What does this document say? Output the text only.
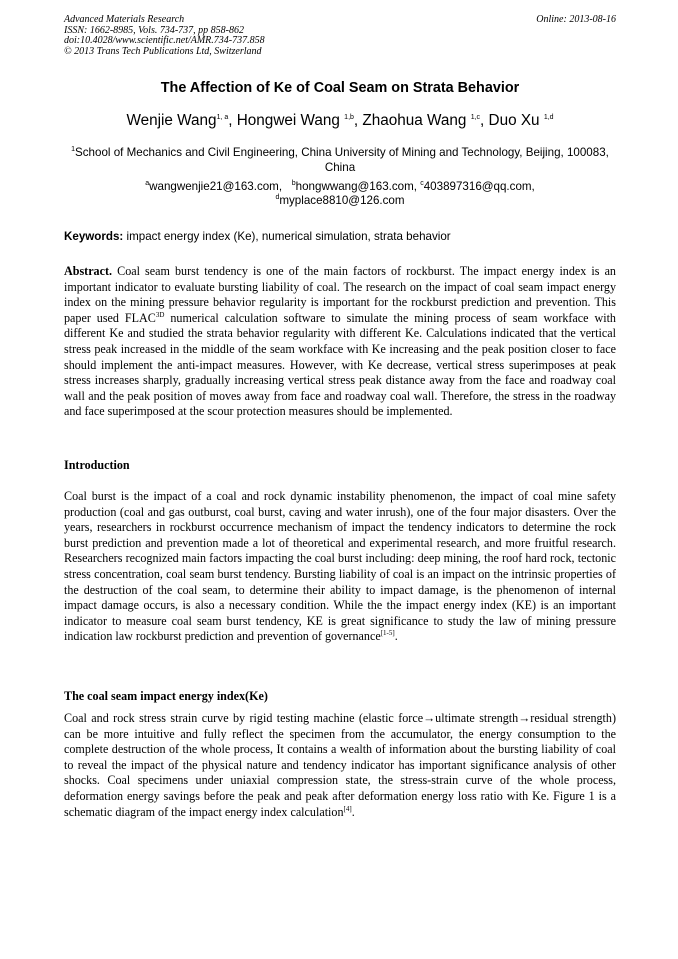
Advanced Materials Research
ISSN: 1662-8985, Vols. 734-737, pp 858-862
doi:10.4028/www.scientific.net/AMR.734-737.858
© 2013 Trans Tech Publications Ltd, Switzerland
Online: 2013-08-16
The Affection of Ke of Coal Seam on Strata Behavior
Wenjie Wang$^{1, a}$, Hongwei Wang $^{1,b}$, Zhaohua Wang $^{1,c}$, Duo Xu $^{1,d}$
$^1$School of Mechanics and Civil Engineering, China University of Mining and Technology, Beijing, 100083, China
$^a$wangwenjie21@163.com, $^b$hongwwang@163.com, $^c$403897316@qq.com,
$^d$myplace8810@126.com
Keywords: impact energy index (Ke), numerical simulation, strata behavior
Abstract. Coal seam burst tendency is one of the main factors of rockburst. The impact energy index is an important indicator to evaluate bursting liability of coal. The research on the impact of coal seam impact energy index on the mining pressure behavior regularity is important for the rockburst prediction and prevention. This paper used $FLAC^{3D}$ numerical calculation software to simulate the mining process of seam workface with different Ke and studied the strata behavior regularity with different Ke. Calculations indicated that the vertical stress peak increased in the middle of the seam workface with Ke increasing and the peak position closer to face should implement the anti-impact measures. However, with Ke decrease, vertical stress superimposes at peak stress increases sharply, gradually increasing vertical stress peak distance away from the face and roadway coal wall and the peak position of moves away from face and roadway coal wall. Therefore, the stress in the roadway and face superimposed at the scour protection measures should be implemented.
Introduction
Coal burst is the impact of a coal and rock dynamic instability phenomenon, the impact of coal mine safety production (coal and gas outburst, coal burst, caving and water inrush), one of the four major disasters. Over the years, researchers in rockburst occurrence mechanism of impact the tendency indicators to determine the rock burst prediction and prevention made a lot of theoretical and experimental research, and more fruitful research. Researchers recognized main factors impacting the coal burst including: deep mining, the roof hard rock, tectonic stress concentration, coal seam burst tendency. Bursting liability of coal is an impact on the intrinsic properties of the destruction of the coal seam, to determine their ability to impact damage, is the phenomenon of internal impact damage occurs, is also a necessary condition. While the the impact energy index (KE) is an important indicator to measure coal seam burst tendency, KE is great significance to study the law of mining pressure indication law rockburst prediction and prevention of governance[1-5].
The coal seam impact energy index(Ke)
Coal and rock stress strain curve by rigid testing machine (elastic force→ultimate strength→residual strength) can be more intuitive and fully reflect the specimen from the accumulator, the energy consumption to the complete destruction of the whole process, It contains a wealth of information about the bursting liability of coal to reveal the impact of the physical nature and tendency indicator has important significance analysis of other shocks. Coal specimens under uniaxial compression state, the stress-strain curve of the whole process, deformation energy savings before the peak and peak after deformation energy loss ratio with Ke. Figure 1 is a schematic diagram of the impact energy index calculation[4].
